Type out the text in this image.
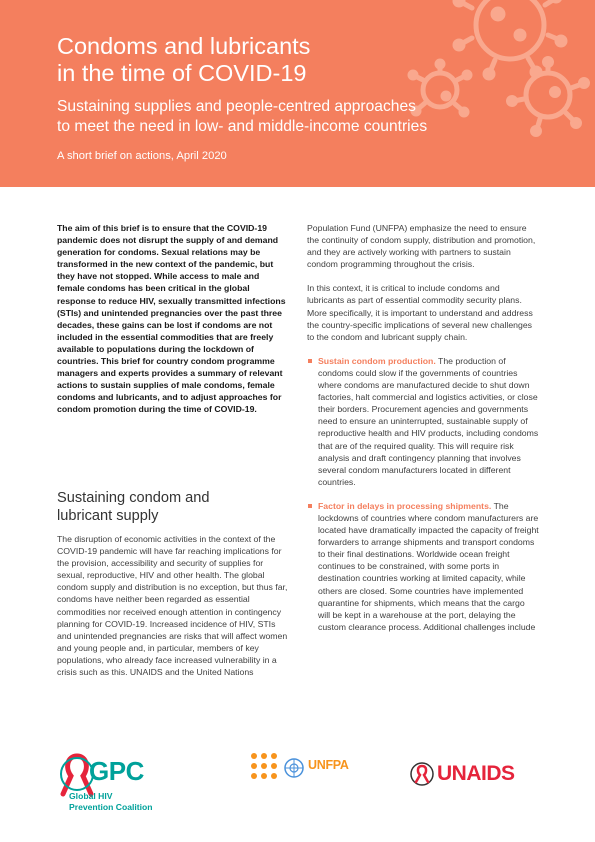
Condoms and lubricants
in the time of COVID-19
Sustaining supplies and people-centred approaches
to meet the need in low- and middle-income countries
A short brief on actions, April 2020

The aim of this brief is to ensure that the COVID-19 pandemic does not disrupt the supply of and demand generation for condoms. Sexual relations may be transformed in the new context of the pandemic, but they have not stopped. While access to male and female condoms has been critical in the global response to reduce HIV, sexually transmitted infections (STIs) and unintended pregnancies over the past three decades, these gains can be lost if condoms are not included in the essential commodities that are freely available to populations during the lockdown of countries. This brief for country condom programme managers and experts provides a summary of relevant actions to sustain supplies of male condoms, female condoms and lubricants, and to adjust approaches for condom promotion during the time of COVID-19.

Sustaining condom and
lubricant supply

The disruption of economic activities in the context of the COVID-19 pandemic will have far reaching implications for the provision, accessibility and security of supplies for sexual, reproductive, HIV and other health. The global condom supply and distribution is no exception, but thus far, condoms have neither been regarded as essential commodities nor received enough attention in contingency planning for COVID-19. Increased incidence of HIV, STIs and unintended pregnancies are risks that will affect women and young people and, in particular, members of key populations, who already face increased vulnerability in a crisis such as this. UNAIDS and the United Nations

Population Fund (UNFPA) emphasize the need to ensure the continuity of condom supply, distribution and promotion, and they are actively working with partners to sustain condom programming throughout the crisis.

In this context, it is critical to include condoms and lubricants as part of essential commodity security plans. More specifically, it is important to understand and address the country-specific implications of several new challenges to the condom and lubricant supply chain.

Sustain condom production. The production of condoms could slow if the governments of countries where condoms are manufactured decide to shut down factories, halt commercial and logistics activities, or close their borders. Procurement agencies and governments need to ensure an uninterrupted, sustainable supply of reproductive health and HIV products, including condoms that are of the required quality. This will require risk analysis and draft contingency planning that involves several condom manufacturers located in different countries.
Factor in delays in processing shipments. The lockdowns of countries where condom manufacturers are located have dramatically impacted the capacity of freight forwarders to arrange shipments and transport condoms to their final destinations. Worldwide ocean freight continues to be constrained, with some ports in destination countries working at limited capacity, while others are closed. Some countries have implemented quarantine for shipments, which means that the cargo will be kept in a warehouse at the port, delaying the custom clearance process. Additional challenges include
GPC
Global HIV
Prevention Coalition
UNFPA	UNAIDS
